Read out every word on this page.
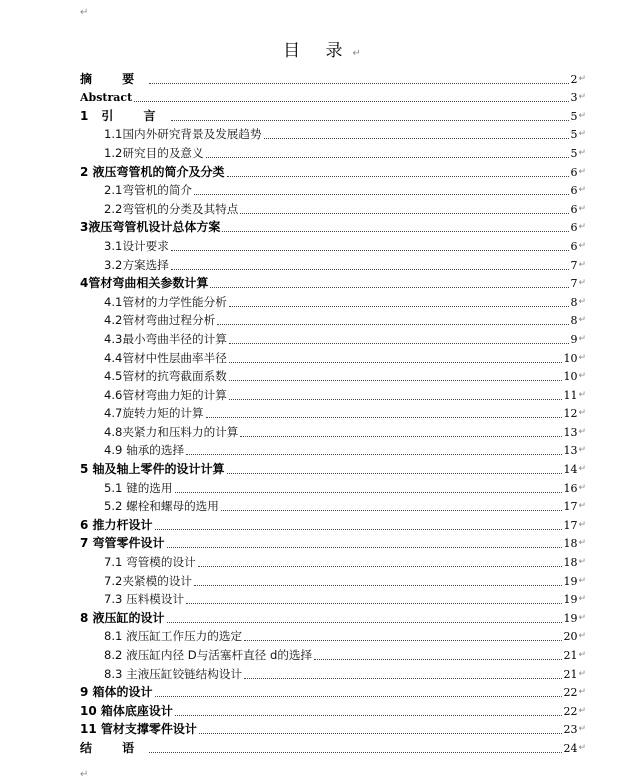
↵
目 录↵
摘 要	2 ↵
Abstract	3 ↵
1引 言	5 ↵
1.1国内外研究背景及发展趋势	5 ↵
1.2研究目的及意义	5 ↵
2 液压弯管机的简介及分类	6 ↵
2.1弯管机的简介	6 ↵
2.2弯管机的分类及其特点	6 ↵
3液压弯管机设计总体方案	6 ↵
3.1设计要求	6 ↵
3.2方案选择	7 ↵
4管材弯曲相关参数计算	7 ↵
4.1管材的力学性能分析	8 ↵
4.2管材弯曲过程分析	8 ↵
4.3最小弯曲半径的计算	9 ↵
4.4管材中性层曲率半径	10 ↵
4.5管材的抗弯截面系数	10 ↵
4.6管材弯曲力矩的计算	11 ↵
4.7旋转力矩的计算	12 ↵
4.8夹紧力和压料力的计算	13 ↵
4.9 轴承的选择	13 ↵
5 轴及轴上零件的设计计算	14 ↵
5.1 键的选用	16 ↵
5.2 螺栓和螺母的选用	17 ↵
6 推力杆设计	17 ↵
7 弯管零件设计	18 ↵
7.1 弯管模的设计	18 ↵
7.2夹紧模的设计	19 ↵
7.3 压料模设计	19 ↵
8 液压缸的设计	19 ↵
8.1 液压缸工作压力的选定	20 ↵
8.2 液压缸内径 D与活塞杆直径 d的选择	21 ↵
8.3 主液压缸铰链结构设计	21 ↵
9 箱体的设计	22 ↵
10 箱体底座设计	22 ↵
11 管材支撑零件设计	23 ↵
结 语	24 ↵
↵
